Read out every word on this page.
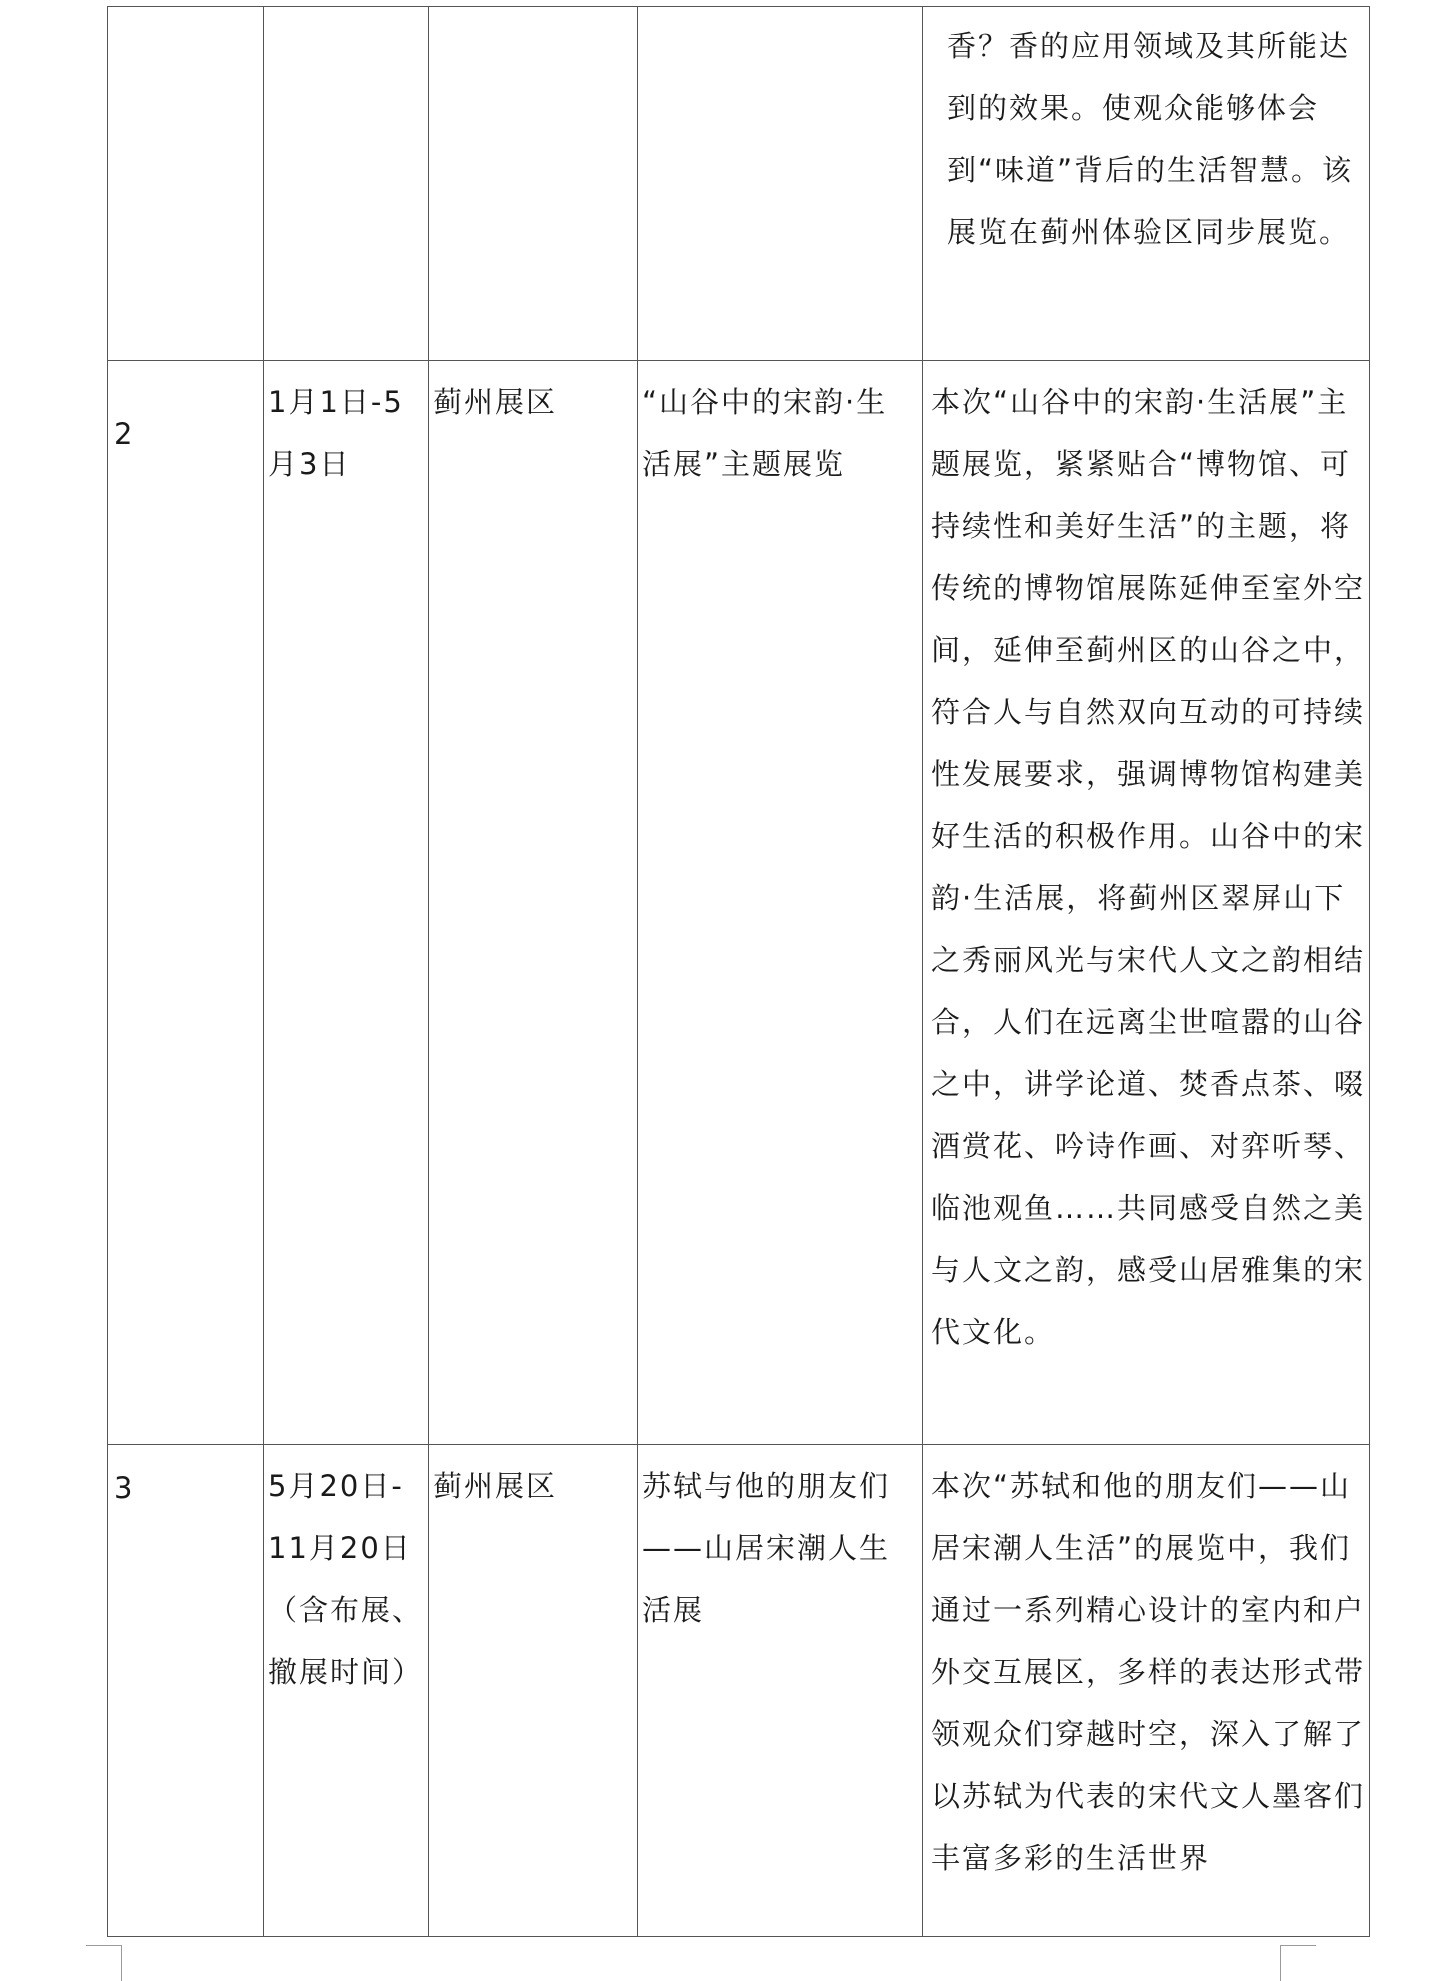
				香？香的应用领域及其所能达到的效果。使观众能够体会到“味道”背后的生活智慧。该展览在蓟州体验区同步展览。

2	1月1日-5月3日	蓟州展区	“山谷中的宋韵·生活展”主题展览	本次“山谷中的宋韵·生活展”主题展览，紧紧贴合“博物馆、可持续性和美好生活”的主题，将传统的博物馆展陈延伸至室外空间，延伸至蓟州区的山谷之中，符合人与自然双向互动的可持续性发展要求，强调博物馆构建美好生活的积极作用。山谷中的宋韵·生活展，将蓟州区翠屏山下之秀丽风光与宋代人文之韵相结合，人们在远离尘世喧嚣的山谷之中，讲学论道、焚香点茶、啜酒赏花、吟诗作画、对弈听琴、临池观鱼……共同感受自然之美与人文之韵，感受山居雅集的宋代文化。

3	5月20日-11月20日（含布展、撤展时间）	蓟州展区	苏轼与他的朋友们——山居宋潮人生活展	本次“苏轼和他的朋友们——山居宋潮人生活”的展览中，我们通过一系列精心设计的室内和户外交互展区，多样的表达形式带领观众们穿越时空，深入了解了以苏轼为代表的宋代文人墨客们丰富多彩的生活世界
